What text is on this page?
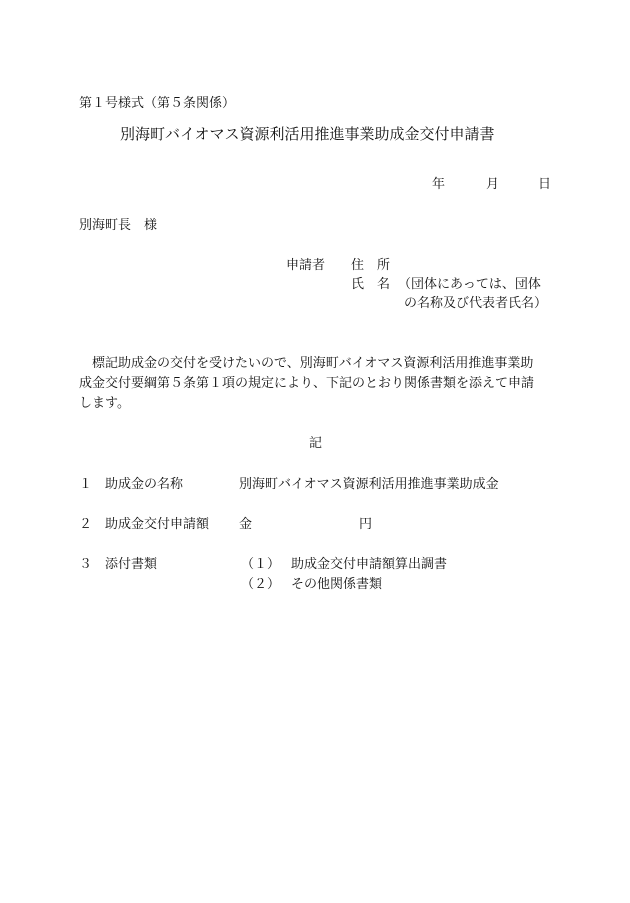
第１号様式（第５条関係）
別海町バイオマス資源利活用推進事業助成金交付申請書
年	月	日
別海町長　様
申請者 住　所
氏　名 （団体にあっては、団体
の名称及び代表者氏名）
　標記助成金の交付を受けたいので、別海町バイオマス資源利活用推進事業助
成金交付要綱第５条第１項の規定により、下記のとおり関係書類を添えて申請
します。
記
１ 助成金の名称	別海町バイオマス資源利活用推進事業助成金
２ 助成金交付申請額 金	円
３ 添付書類	（１） 助成金交付申請額算出調書
（２） その他関係書類
